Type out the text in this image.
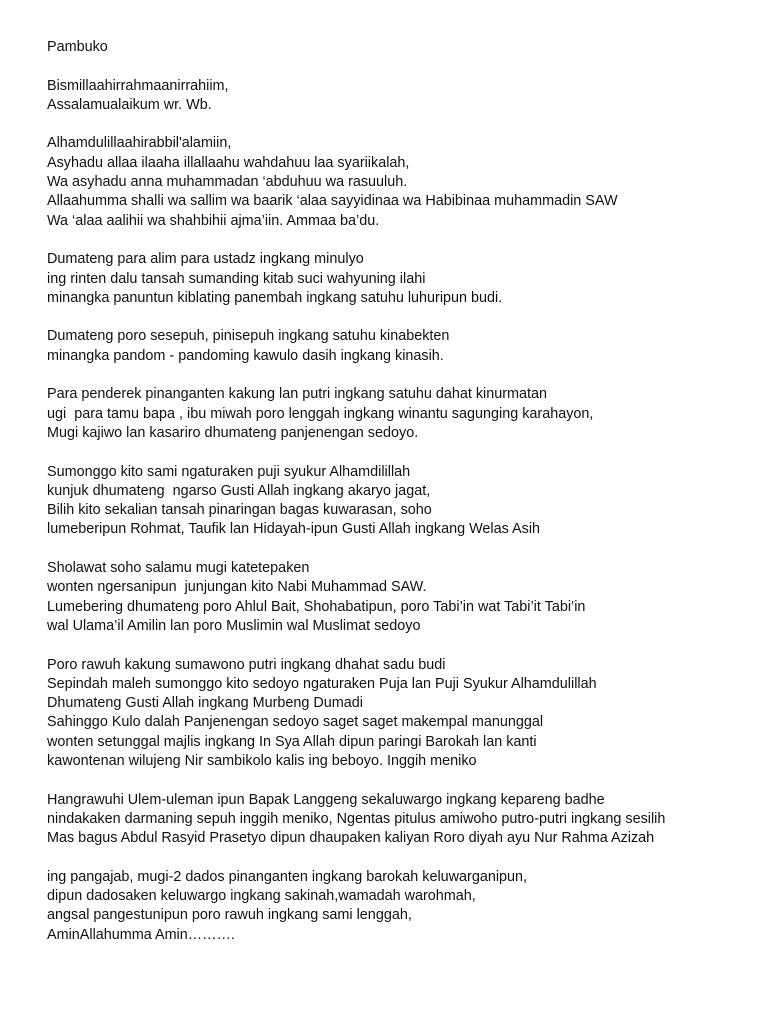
Pambuko

Bismillaahirrahmaanirrahiim,
Assalamualaikum wr. Wb.

Alhamdulillaahirabbil'alamiin,
Asyhadu allaa ilaaha illallaahu wahdahuu laa syariikalah,
Wa asyhadu anna muhammadan ‘abduhuu wa rasuuluh.
Allaahumma shalli wa sallim wa baarik ‘alaa sayyidinaa wa Habibinaa muhammadin SAW
Wa ‘alaa aalihii wa shahbihii ajma’iin. Ammaa ba’du.

Dumateng para alim para ustadz ingkang minulyo
ing rinten dalu tansah sumanding kitab suci wahyuning ilahi
minangka panuntun kiblating panembah ingkang satuhu luhuripun budi.

Dumateng poro sesepuh, pinisepuh ingkang satuhu kinabekten
minangka pandom - pandoming kawulo dasih ingkang kinasih.

Para penderek pinanganten kakung lan putri ingkang satuhu dahat kinurmatan
ugi  para tamu bapa , ibu miwah poro lenggah ingkang winantu sagunging karahayon,
Mugi kajiwo lan kasariro dhumateng panjenengan sedoyo.

Sumonggo kito sami ngaturaken puji syukur Alhamdilillah
kunjuk dhumateng  ngarso Gusti Allah ingkang akaryo jagat,
Bilih kito sekalian tansah pinaringan bagas kuwarasan, soho
lumeberipun Rohmat, Taufik lan Hidayah-ipun Gusti Allah ingkang Welas Asih

Sholawat soho salamu mugi katetepaken
wonten ngersanipun  junjungan kito Nabi Muhammad SAW.
Lumebering dhumateng poro Ahlul Bait, Shohabatipun, poro Tabi’in wat Tabi’it Tabi’in
wal Ulama’il Amilin lan poro Muslimin wal Muslimat sedoyo

Poro rawuh kakung sumawono putri ingkang dhahat sadu budi
Sepindah maleh sumonggo kito sedoyo ngaturaken Puja lan Puji Syukur Alhamdulillah
Dhumateng Gusti Allah ingkang Murbeng Dumadi
Sahinggo Kulo dalah Panjenengan sedoyo saget saget makempal manunggal
wonten setunggal majlis ingkang In Sya Allah dipun paringi Barokah lan kanti
kawontenan wilujeng Nir sambikolo kalis ing beboyo. Inggih meniko

Hangrawuhi Ulem-uleman ipun Bapak Langgeng sekaluwargo ingkang kepareng badhe
nindakaken darmaning sepuh inggih meniko, Ngentas pitulus amiwoho putro-putri ingkang sesilih
Mas bagus Abdul Rasyid Prasetyo dipun dhaupaken kaliyan Roro diyah ayu Nur Rahma Azizah

ing pangajab, mugi-2 dados pinanganten ingkang barokah keluwarganipun,
dipun dadosaken keluwargo ingkang sakinah,wamadah warohmah,
angsal pangestunipun poro rawuh ingkang sami lenggah,
AminAllahumma Amin……….
